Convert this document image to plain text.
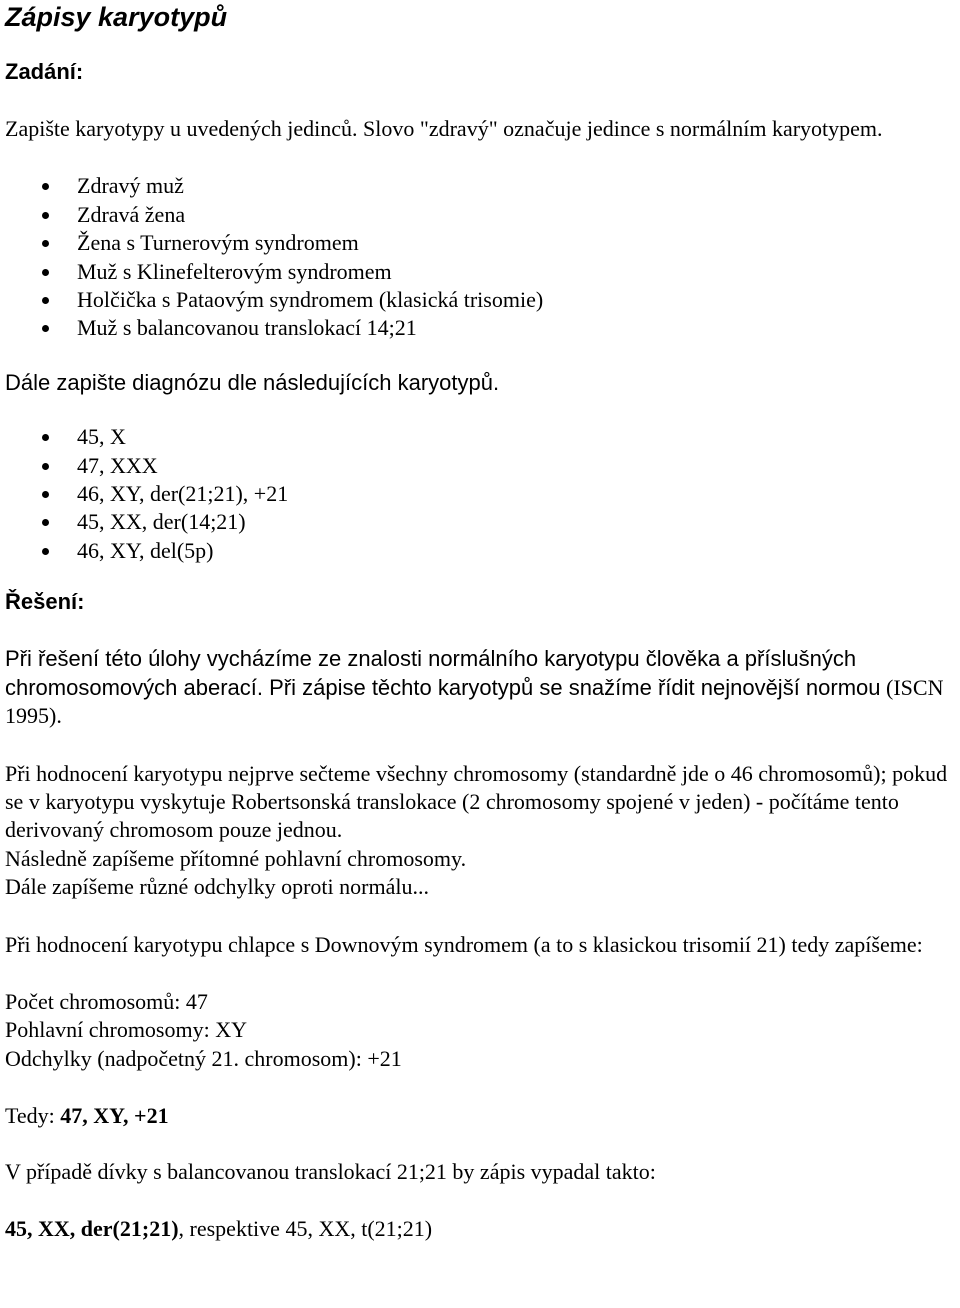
Zápisy karyotypů
Zadání:

Zapište karyotypy u uvedených jedinců. Slovo "zdravý" označuje jedince s normálním karyotypem.

Zdravý muž
Zdravá žena
Žena s Turnerovým syndromem
Muž s Klinefelterovým syndromem
Holčička s Pataovým syndromem (klasická trisomie)
Muž s balancovanou translokací 14;21

Dále zapište diagnózu dle následujících karyotypů.

45, X
47, XXX
46, XY, der(21;21), +21
45, XX, der(14;21)
46, XY, del(5p)
Řešení:

Při řešení této úlohy vycházíme ze znalosti normálního karyotypu člověka a příslušných chromosomových aberací. Při zápise těchto karyotypů se snažíme řídit nejnovější normou (ISCN 1995).

Při hodnocení karyotypu nejprve sečteme všechny chromosomy (standardně jde o 46 chromosomů); pokud se v karyotypu vyskytuje Robertsonská translokace (2 chromosomy spojené v jeden) - počítáme tento derivovaný chromosom pouze jednou.
Následně zapíšeme přítomné pohlavní chromosomy.
Dále zapíšeme různé odchylky oproti normálu...

Při hodnocení karyotypu chlapce s Downovým syndromem (a to s klasickou trisomií 21) tedy zapíšeme:

Počet chromosomů: 47
Pohlavní chromosomy: XY
Odchylky (nadpočetný 21. chromosom): +21

Tedy: 47, XY, +21

V případě dívky s balancovanou translokací 21;21 by zápis vypadal takto:

45, XX, der(21;21), respektive 45, XX, t(21;21)
